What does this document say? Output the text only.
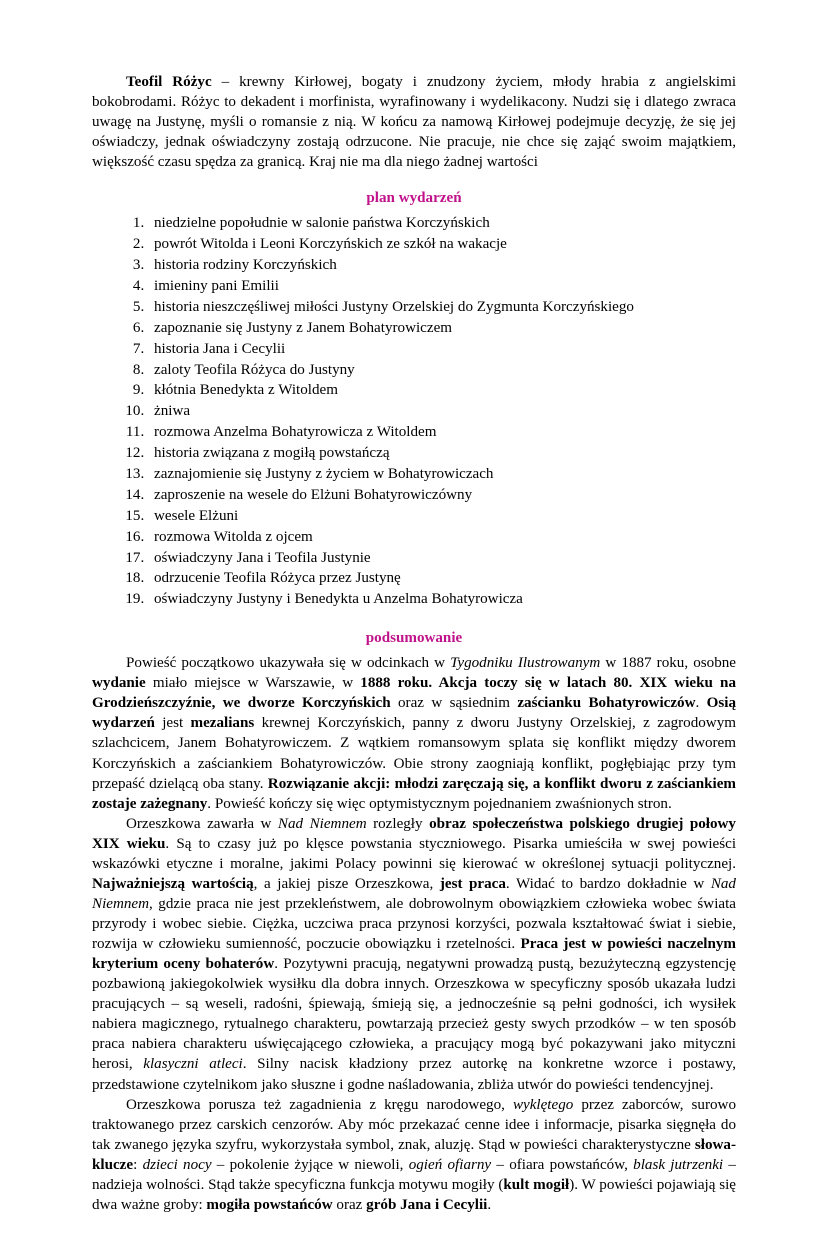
Teofil Różyc – krewny Kirłowej, bogaty i znudzony życiem, młody hrabia z angielskimi bokobrodami. Różyc to dekadent i morfinista, wyrafinowany i wydelikacony. Nudzi się i dlatego zwraca uwagę na Justynę, myśli o romansie z nią. W końcu za namową Kirłowej podejmuje decyzję, że się jej oświadczy, jednak oświadczyny zostają odrzucone. Nie pracuje, nie chce się zająć swoim majątkiem, większość czasu spędza za granicą. Kraj nie ma dla niego żadnej wartości

plan wydarzeń
1. niedzielne popołudnie w salonie państwa Korczyńskich
2. powrót Witolda i Leoni Korczyńskich ze szkół na wakacje
3. historia rodziny Korczyńskich
4. imieniny pani Emilii
5. historia nieszczęśliwej miłości Justyny Orzelskiej do Zygmunta Korczyńskiego
6. zapoznanie się Justyny z Janem Bohatyrowiczem
7. historia Jana i Cecylii
8. zaloty Teofila Różyca do Justyny
9. kłótnia Benedykta z Witoldem
10. żniwa
11. rozmowa Anzelma Bohatyrowicza z Witoldem
12. historia związana z mogiłą powstańczą
13. zaznajomienie się Justyny z życiem w Bohatyrowiczach
14. zaproszenie na wesele do Elżuni Bohatyrowiczówny
15. wesele Elżuni
16. rozmowa Witolda z ojcem
17. oświadczyny Jana i Teofila Justynie
18. odrzucenie Teofila Różyca przez Justynę
19. oświadczyny Justyny i Benedykta u Anzelma Bohatyrowicza
podsumowanie

Powieść początkowo ukazywała się w odcinkach w Tygodniku Ilustrowanym w 1887 roku, osobne wydanie miało miejsce w Warszawie, w 1888 roku. Akcja toczy się w latach 80. XIX wieku na Grodzieńszczyźnie, we dworze Korczyńskich oraz w sąsiednim zaścianku Bohatyrowiczów. Osią wydarzeń jest mezalians krewnej Korczyńskich, panny z dworu Justyny Orzelskiej, z zagrodowym szlachcicem, Janem Bohatyrowiczem. Z wątkiem romansowym splata się konflikt między dworem Korczyńskich a zaściankiem Bohatyrowiczów. Obie strony zaogniają konflikt, pogłębiając przy tym przepaść dzielącą oba stany. Rozwiązanie akcji: młodzi zaręczają się, a konflikt dworu z zaściankiem zostaje zażegnany. Powieść kończy się więc optymistycznym pojednaniem zwaśnionych stron.

Orzeszkowa zawarła w Nad Niemnem rozległy obraz społeczeństwa polskiego drugiej połowy XIX wieku. Są to czasy już po klęsce powstania styczniowego. Pisarka umieściła w swej powieści wskazówki etyczne i moralne, jakimi Polacy powinni się kierować w określonej sytuacji politycznej. Najważniejszą wartością, a jakiej pisze Orzeszkowa, jest praca. Widać to bardzo dokładnie w Nad Niemnem, gdzie praca nie jest przekleństwem, ale dobrowolnym obowiązkiem człowieka wobec świata przyrody i wobec siebie. Ciężka, uczciwa praca przynosi korzyści, pozwala kształtować świat i siebie, rozwija w człowieku sumienność, poczucie obowiązku i rzetelności. Praca jest w powieści naczelnym kryterium oceny bohaterów. Pozytywni pracują, negatywni prowadzą pustą, bezużyteczną egzystencję pozbawioną jakiegokolwiek wysiłku dla dobra innych. Orzeszkowa w specyficzny sposób ukazała ludzi pracujących – są weseli, radośni, śpiewają, śmieją się, a jednocześnie są pełni godności, ich wysiłek nabiera magicznego, rytualnego charakteru, powtarzają przecież gesty swych przodków – w ten sposób praca nabiera charakteru uświęcającego człowieka, a pracujący mogą być pokazywani jako mityczni herosi, klasyczni atleci. Silny nacisk kładziony przez autorkę na konkretne wzorce i postawy, przedstawione czytelnikom jako słuszne i godne naśladowania, zbliża utwór do powieści tendencyjnej.

Orzeszkowa porusza też zagadnienia z kręgu narodowego, wyklętego przez zaborców, surowo traktowanego przez carskich cenzorów. Aby móc przekazać cenne idee i informacje, pisarka sięgnęła do tak zwanego języka szyfru, wykorzystała symbol, znak, aluzję. Stąd w powieści charakterystyczne słowa-klucze: dzieci nocy – pokolenie żyjące w niewoli, ogień ofiarny – ofiara powstańców, blask jutrzenki – nadzieja wolności. Stąd także specyficzna funkcja motywu mogiły (kult mogił). W powieści pojawiają się dwa ważne groby: mogiła powstańców oraz grób Jana i Cecylii.
